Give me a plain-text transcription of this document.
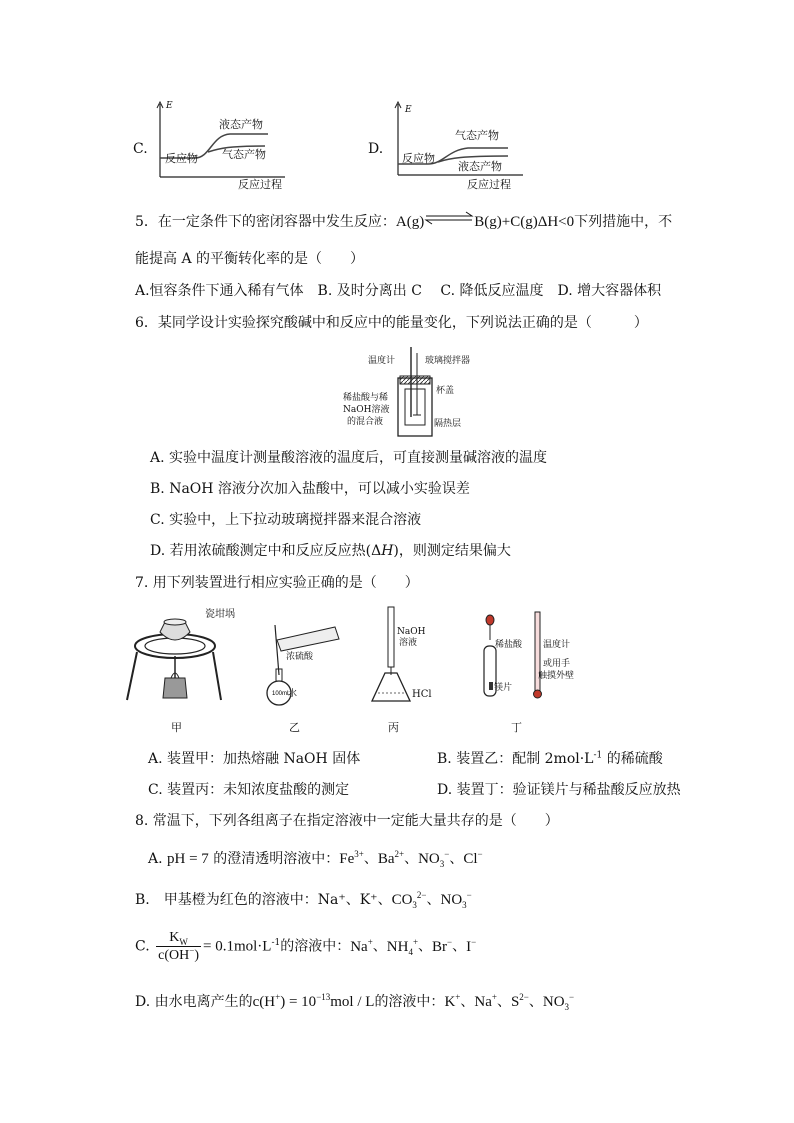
C.
E
液态产物
气态产物
反应物
反应过程
D.
E
气态产物
液态产物
反应物
反应过程
5．在一定条件下的密闭容器中发生反应：A(g)⇌B(g)+C(g)ΔH<0下列措施中，不
能提高 A 的平衡转化率的是（　　）
A.恒容条件下通入稀有气体　B. 及时分离出 C　 C. 降低反应温度　D. 增大容器体积
6．某同学设计实验探究酸碱中和反应中的能量变化，下列说法正确的是（　　　）
温度计	玻璃搅拌器
杯盖
稀盐酸与稀
NaOH溶液
的混合液	隔热层
A. 实验中温度计测量酸溶液的温度后，可直接测量碱溶液的温度
B. NaOH 溶液分次加入盐酸中，可以减小实验误差
C. 实验中，上下拉动玻璃搅拌器来混合溶液
D. 若用浓硫酸测定中和反应反应热(ΔH)，则测定结果偏大
7. 用下列装置进行相应实验正确的是（　　）
瓷坩埚
100mL
浓硫酸
水
NaOH
溶液
HCl
稀盐酸 温度计
或用手
触摸外壁
镁片
甲	乙	丙	丁
A. 装置甲：加热熔融 NaOH 固体	B. 装置乙：配制 $2mol\cdot L^{-1}$ 的稀硫酸
C. 装置丙：未知浓度盐酸的测定	D. 装置丁：验证镁片与稀盐酸反应放热
8. 常温下，下列各组离子在指定溶液中一定能大量共存的是（　　）
A. pH = 7 的澄清透明溶液中：$Fe^{3+}$、$Ba^{2+}$、$NO_3^-$、Cl−
B.　甲基橙为红色的溶液中：Na⁺、K⁺、$CO_3^{2-}$、$NO_3^-$
C. $\frac{K_W}{c(OH^-)} = 0.1mol\cdot L^{-1}$的溶液中：Na+、$NH_4^+$、Br−、I−
D. 由水电离产生的$c(H^+) = 10^{-13}mol / L$的溶液中：K+、Na+、$S^{2-}$、$NO_3^-$
